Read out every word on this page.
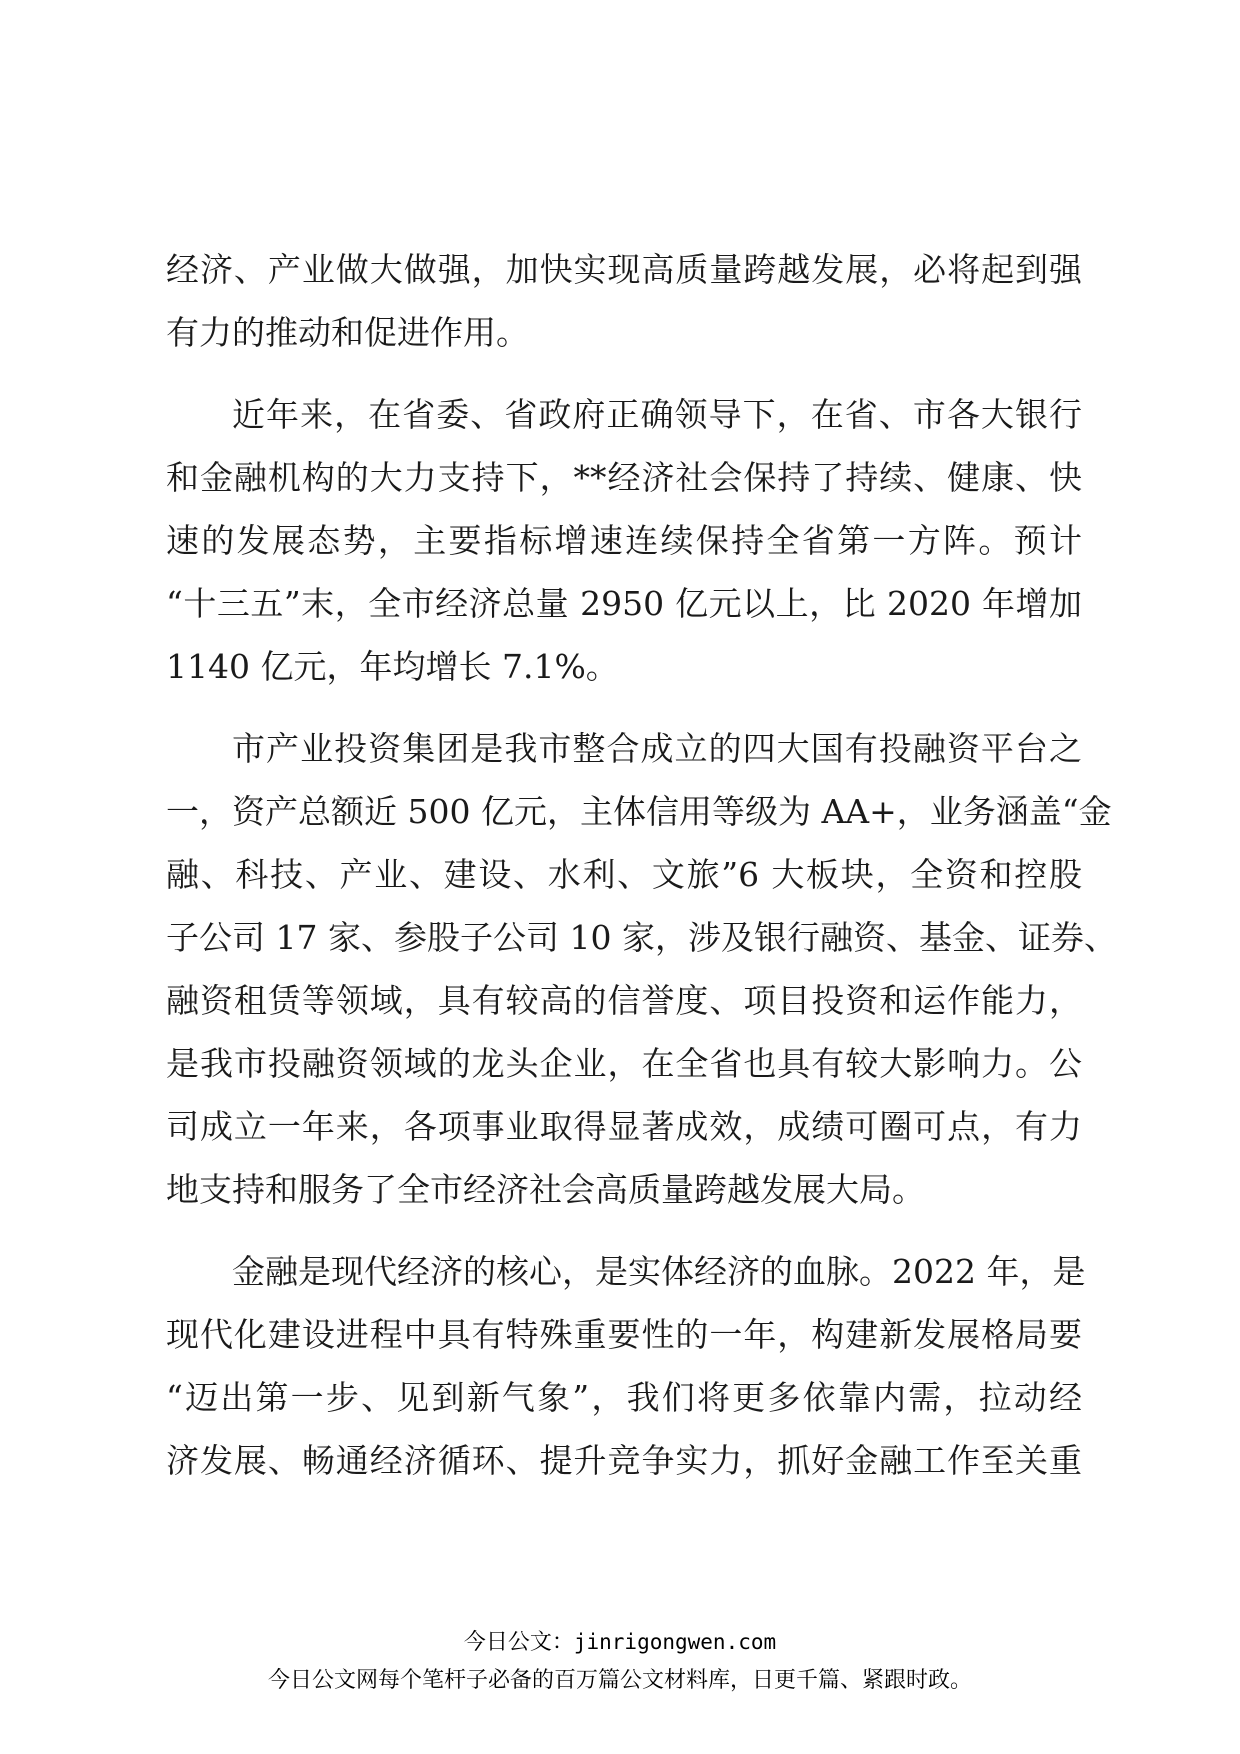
经济、产业做大做强，加快实现高质量跨越发展，必将起到强
有力的推动和促进作用。

近年来，在省委、省政府正确领导下，在省、市各大银行
和金融机构的大力支持下，**经济社会保持了持续、健康、快
速的发展态势，主要指标增速连续保持全省第一方阵。预计
“十三五”末，全市经济总量 2950 亿元以上，比 2020 年增加
1140 亿元，年均增长 7.1%。

市产业投资集团是我市整合成立的四大国有投融资平台之
一，资产总额近 500 亿元，主体信用等级为 AA+，业务涵盖“金
融、科技、产业、建设、水利、文旅”6 大板块，全资和控股
子公司 17 家、参股子公司 10 家，涉及银行融资、基金、证券、
融资租赁等领域，具有较高的信誉度、项目投资和运作能力，
是我市投融资领域的龙头企业，在全省也具有较大影响力。公
司成立一年来，各项事业取得显著成效，成绩可圈可点，有力
地支持和服务了全市经济社会高质量跨越发展大局。

金融是现代经济的核心，是实体经济的血脉。2022 年，是
现代化建设进程中具有特殊重要性的一年，构建新发展格局要
“迈出第一步、见到新气象”，我们将更多依靠内需，拉动经
济发展、畅通经济循环、提升竞争实力，抓好金融工作至关重

今日公文：jinrigongwen.com
今日公文网每个笔杆子必备的百万篇公文材料库，日更千篇、紧跟时政。
